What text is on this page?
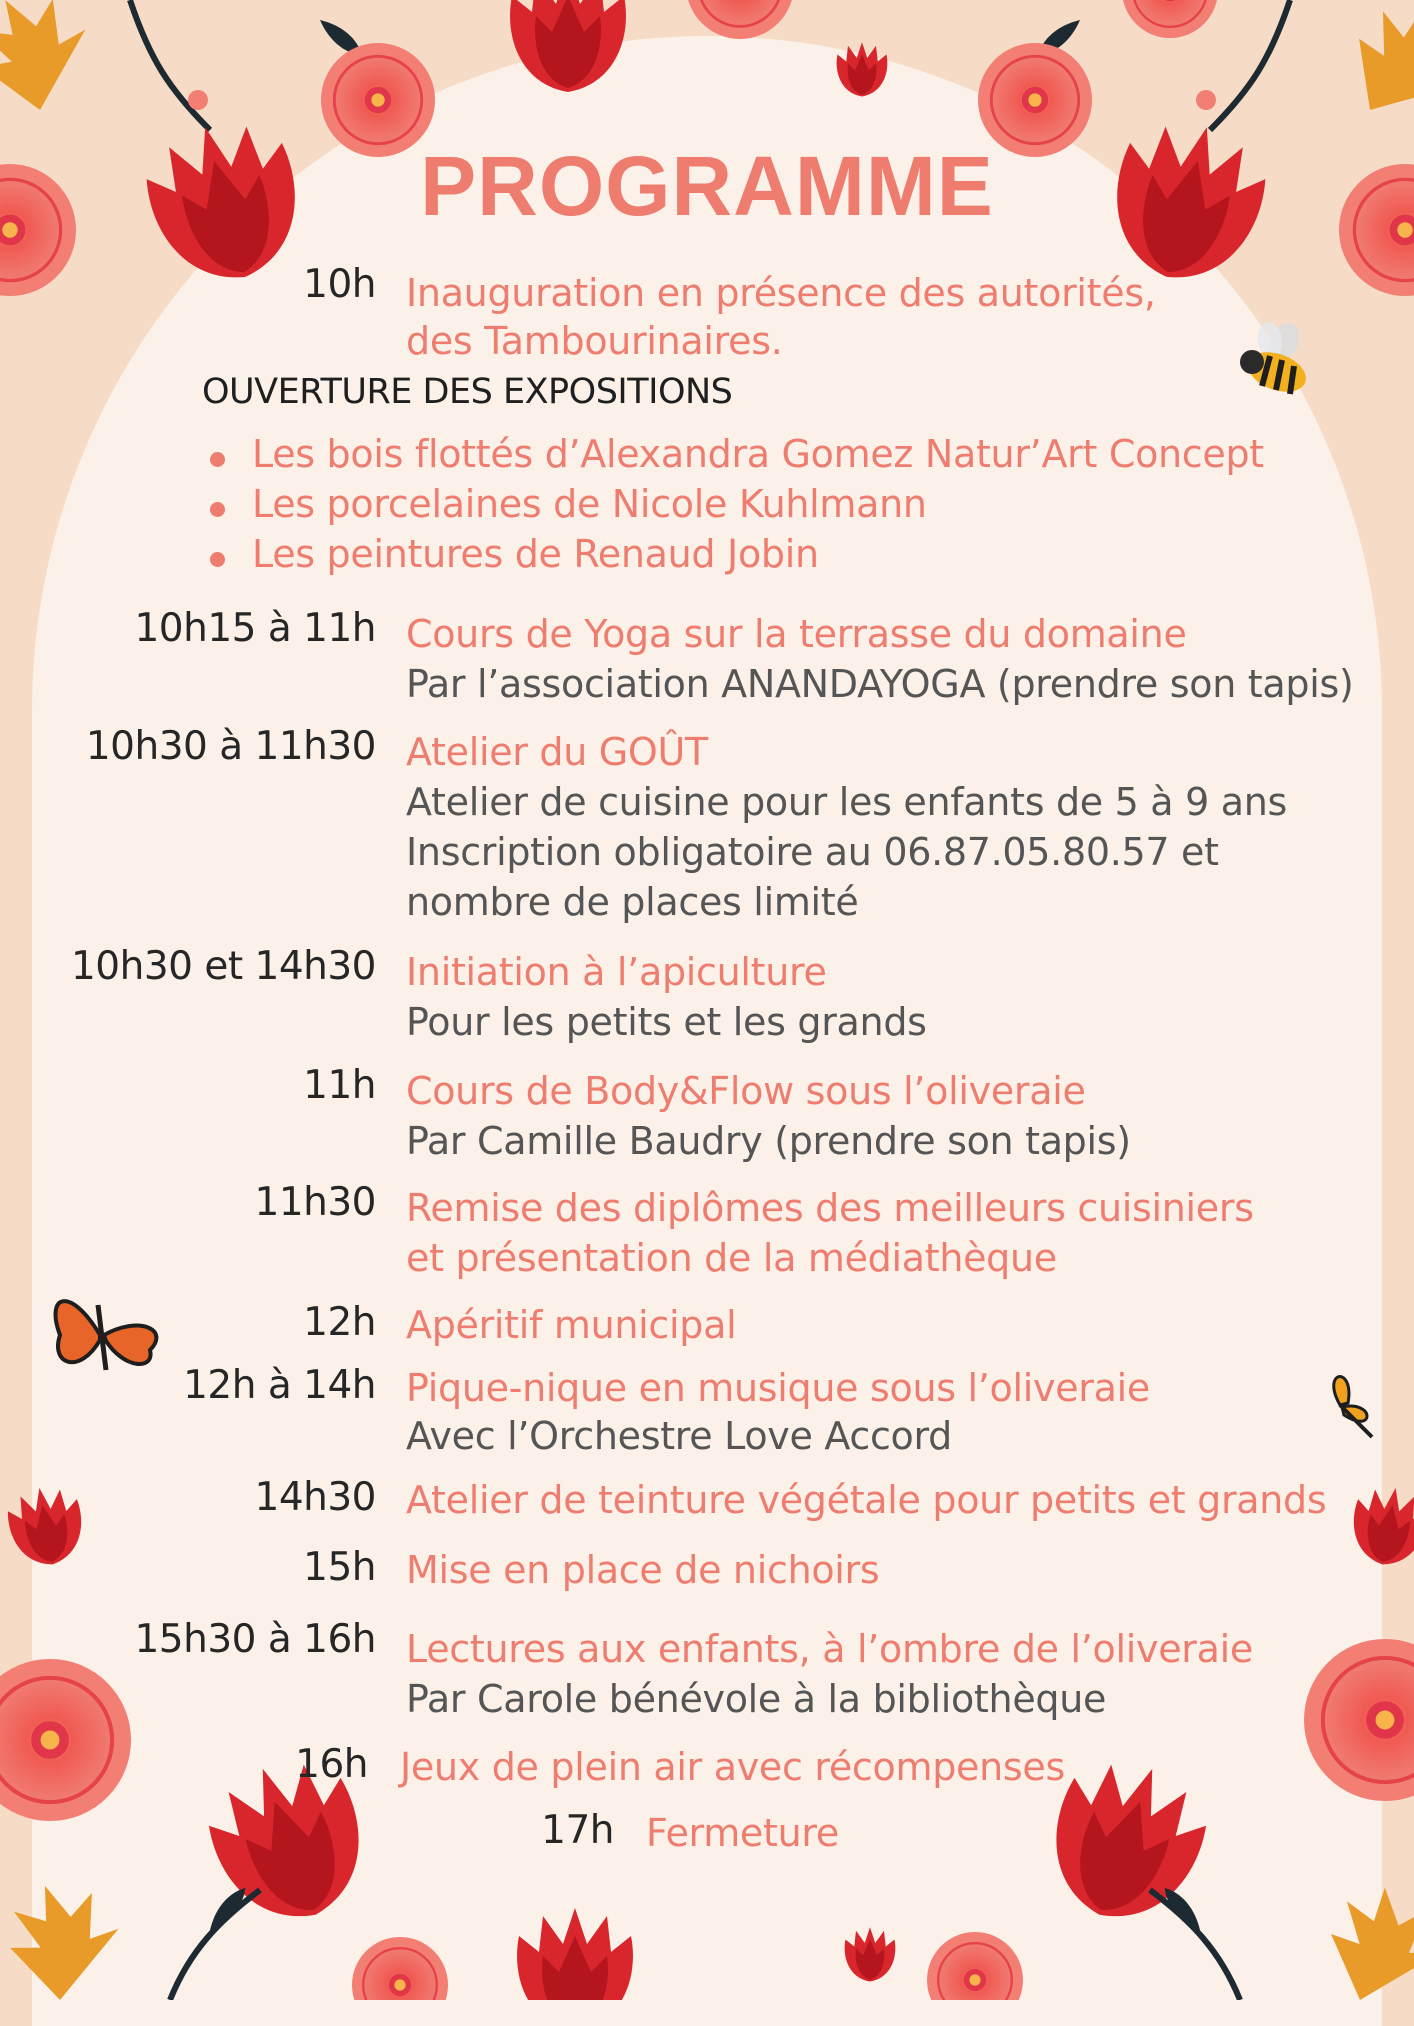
PROGRAMME
10h Inauguration en présence des autorités,
des Tambourinaires.
OUVERTURE DES EXPOSITIONS
Les bois flottés d’Alexandra Gomez Natur’Art Concept
Les porcelaines de Nicole Kuhlmann
Les peintures de Renaud Jobin
10h15 à 11h Cours de Yoga sur la terrasse du domaine
Par l’association ANANDAYOGA (prendre son tapis)
10h30 à 11h30 Atelier du GOÛT
Atelier de cuisine pour les enfants de 5 à 9 ans
Inscription obligatoire au 06.87.05.80.57 et
nombre de places limité
10h30 et 14h30 Initiation à l’apiculture
Pour les petits et les grands
11h Cours de Body&Flow sous l’oliveraie
Par Camille Baudry (prendre son tapis)
11h30 Remise des diplômes des meilleurs cuisiniers
et présentation de la médiathèque
12h Apéritif municipal
12h à 14h Pique-nique en musique sous l’oliveraie
Avec l’Orchestre Love Accord
14h30 Atelier de teinture végétale pour petits et grands
15h Mise en place de nichoirs
15h30 à 16h Lectures aux enfants, à l’ombre de l’oliveraie
Par Carole bénévole à la bibliothèque
16h Jeux de plein air avec récompenses
17h Fermeture
